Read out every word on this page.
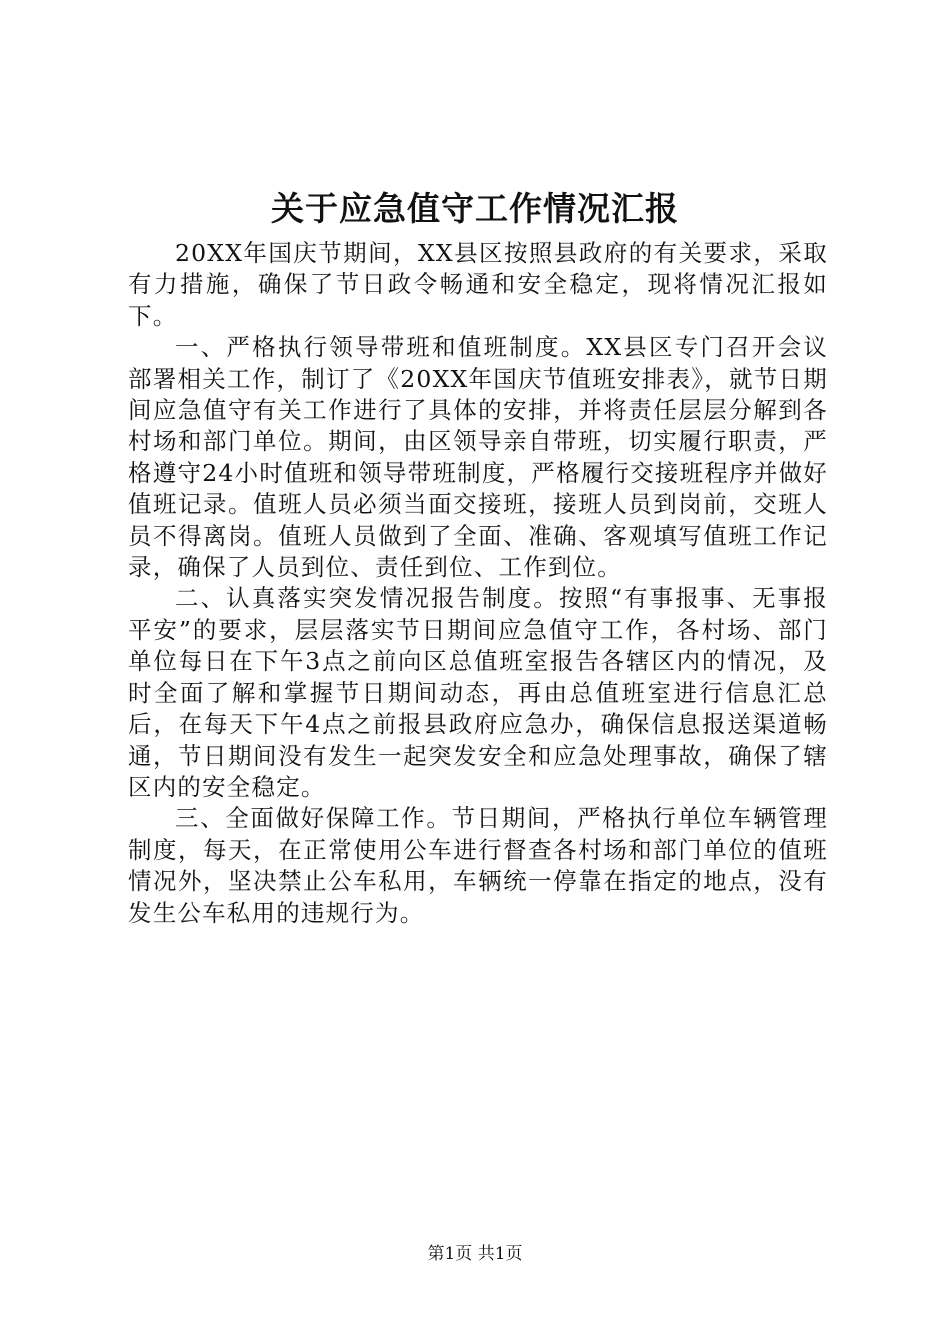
关于应急值守工作情况汇报

20XX年国庆节期间，XX县区按照县政府的有关要求，采取有力措施，确保了节日政令畅通和安全稳定，现将情况汇报如下。

一、严格执行领导带班和值班制度。XX县区专门召开会议部署相关工作，制订了《20XX年国庆节值班安排表》，就节日期间应急值守有关工作进行了具体的安排，并将责任层层分解到各村场和部门单位。期间，由区领导亲自带班，切实履行职责，严格遵守24小时值班和领导带班制度，严格履行交接班程序并做好值班记录。值班人员必须当面交接班，接班人员到岗前，交班人员不得离岗。值班人员做到了全面、准确、客观填写值班工作记录，确保了人员到位、责任到位、工作到位。

二、认真落实突发情况报告制度。按照“有事报事、无事报平安”的要求，层层落实节日期间应急值守工作，各村场、部门单位每日在下午3点之前向区总值班室报告各辖区内的情况，及时全面了解和掌握节日期间动态，再由总值班室进行信息汇总后，在每天下午4点之前报县政府应急办，确保信息报送渠道畅通，节日期间没有发生一起突发安全和应急处理事故，确保了辖区内的安全稳定。

三、全面做好保障工作。节日期间，严格执行单位车辆管理制度，每天，在正常使用公车进行督查各村场和部门单位的值班情况外，坚决禁止公车私用，车辆统一停靠在指定的地点，没有发生公车私用的违规行为。

第1页 共1页
